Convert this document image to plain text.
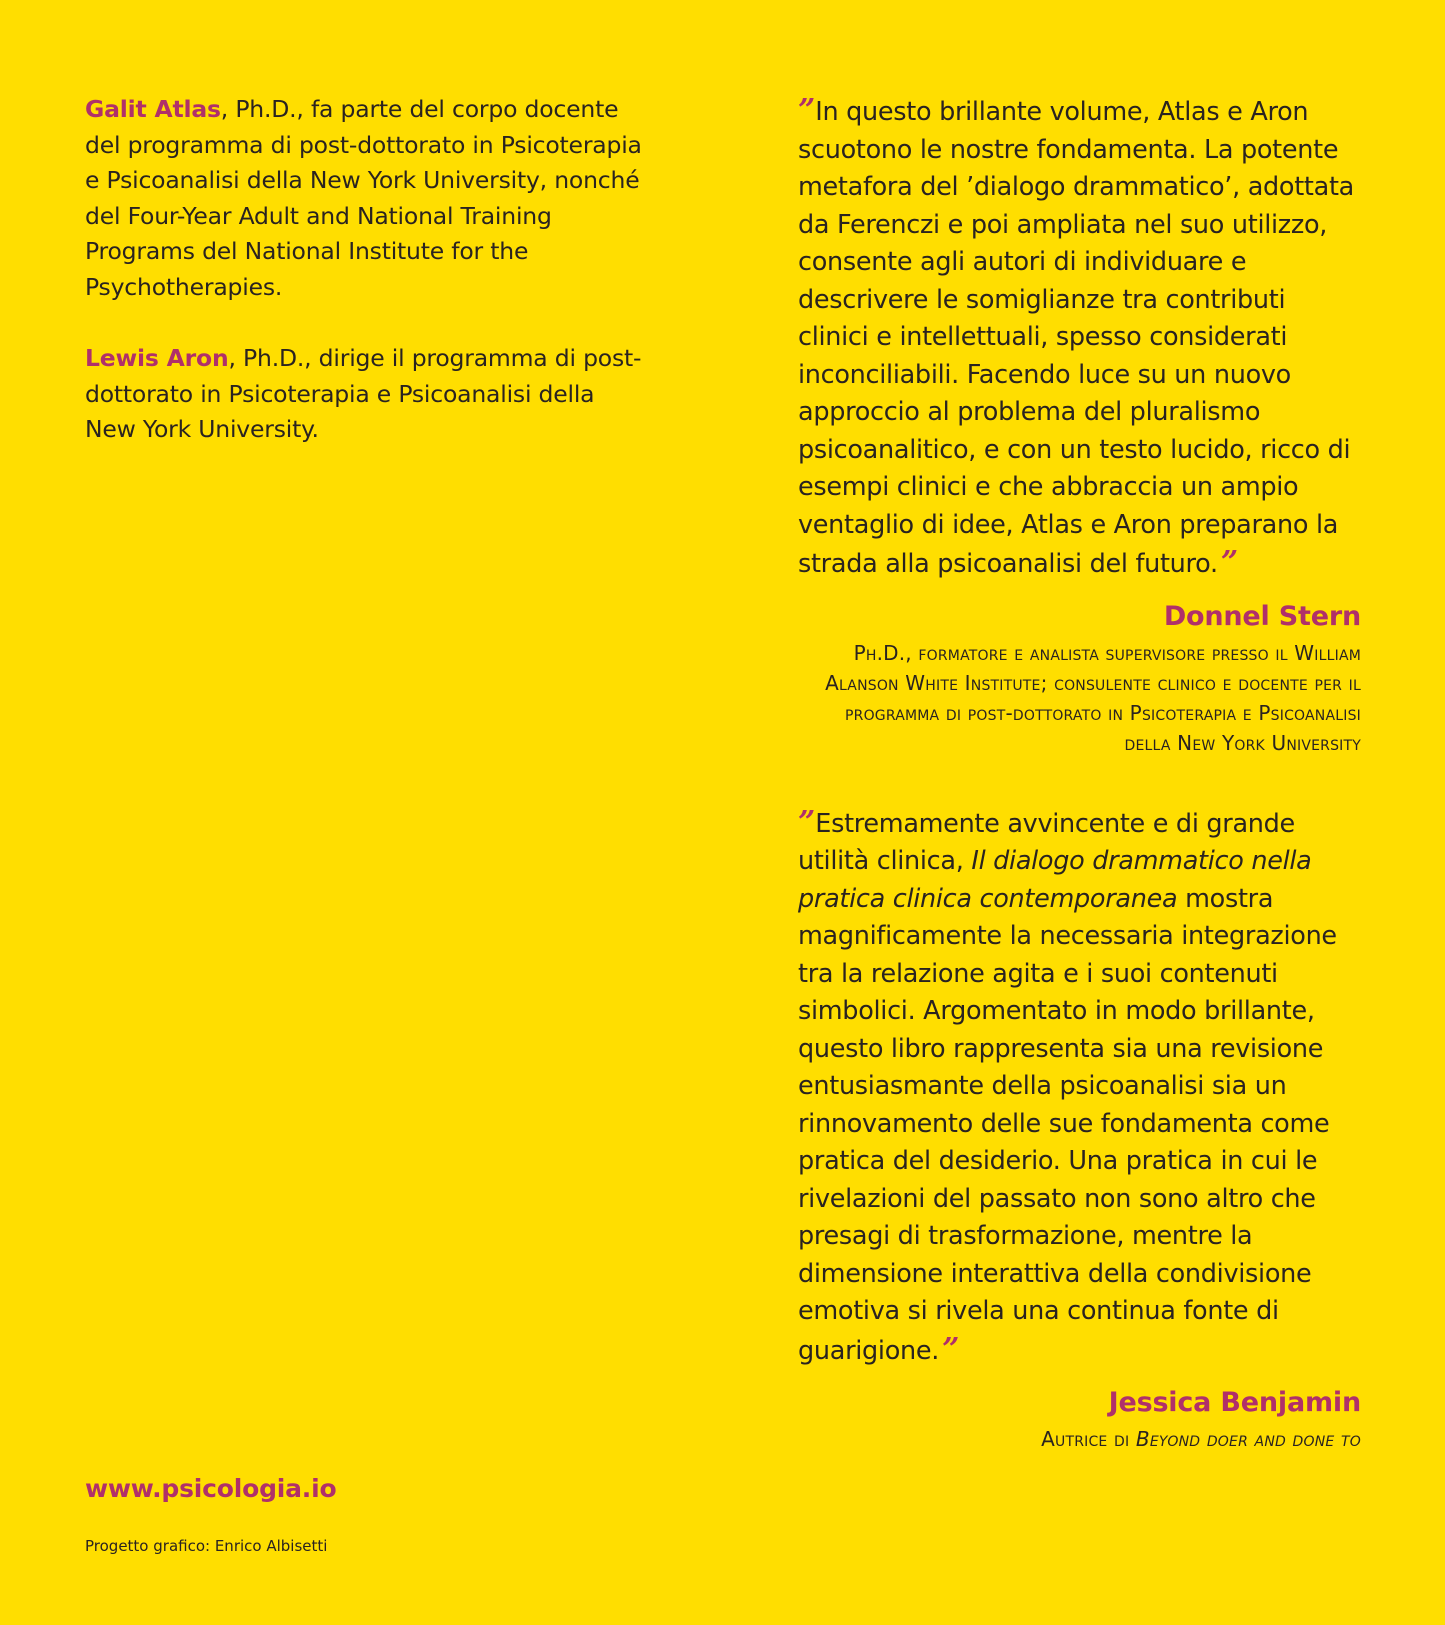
Galit Atlas, Ph.D., fa parte del corpo docente del programma di post-dottorato in Psicoterapia e Psicoanalisi della New York University, nonché del Four-Year Adult and National Training Programs del National Institute for the Psychotherapies.

Lewis Aron, Ph.D., dirige il programma di post-dottorato in Psicoterapia e Psicoanalisi della New York University.

” In questo brillante volume, Atlas e Aron scuotono le nostre fondamenta. La potente metafora del ’dialogo drammatico’, adottata da Ferenczi e poi ampliata nel suo utilizzo, consente agli autori di individuare e descrivere le somiglianze tra contributi clinici e intellettuali, spesso considerati inconciliabili. Facendo luce su un nuovo approccio al problema del pluralismo psicoanalitico, e con un testo lucido, ricco di esempi clinici e che abbraccia un ampio ventaglio di idee, Atlas e Aron preparano la strada alla psicoanalisi del futuro. ”

Donnel Stern
Ph.D., formatore e analista supervisore presso il William Alanson White Institute; consulente clinico e docente per il programma di post-dottorato in Psicoterapia e Psicoanalisi della New York University

” Estremamente avvincente e di grande utilità clinica, Il dialogo drammatico nella pratica clinica contemporanea mostra magnificamente la necessaria integrazione tra la relazione agita e i suoi contenuti simbolici. Argomentato in modo brillante, questo libro rappresenta sia una revisione entusiasmante della psicoanalisi sia un rinnovamento delle sue fondamenta come pratica del desiderio. Una pratica in cui le rivelazioni del passato non sono altro che presagi di trasformazione, mentre la dimensione interattiva della condivisione emotiva si rivela una continua fonte di guarigione. ”

Jessica Benjamin
Autrice di Beyond doer and done to
www.psicologia.io
Progetto grafico: Enrico Albisetti
